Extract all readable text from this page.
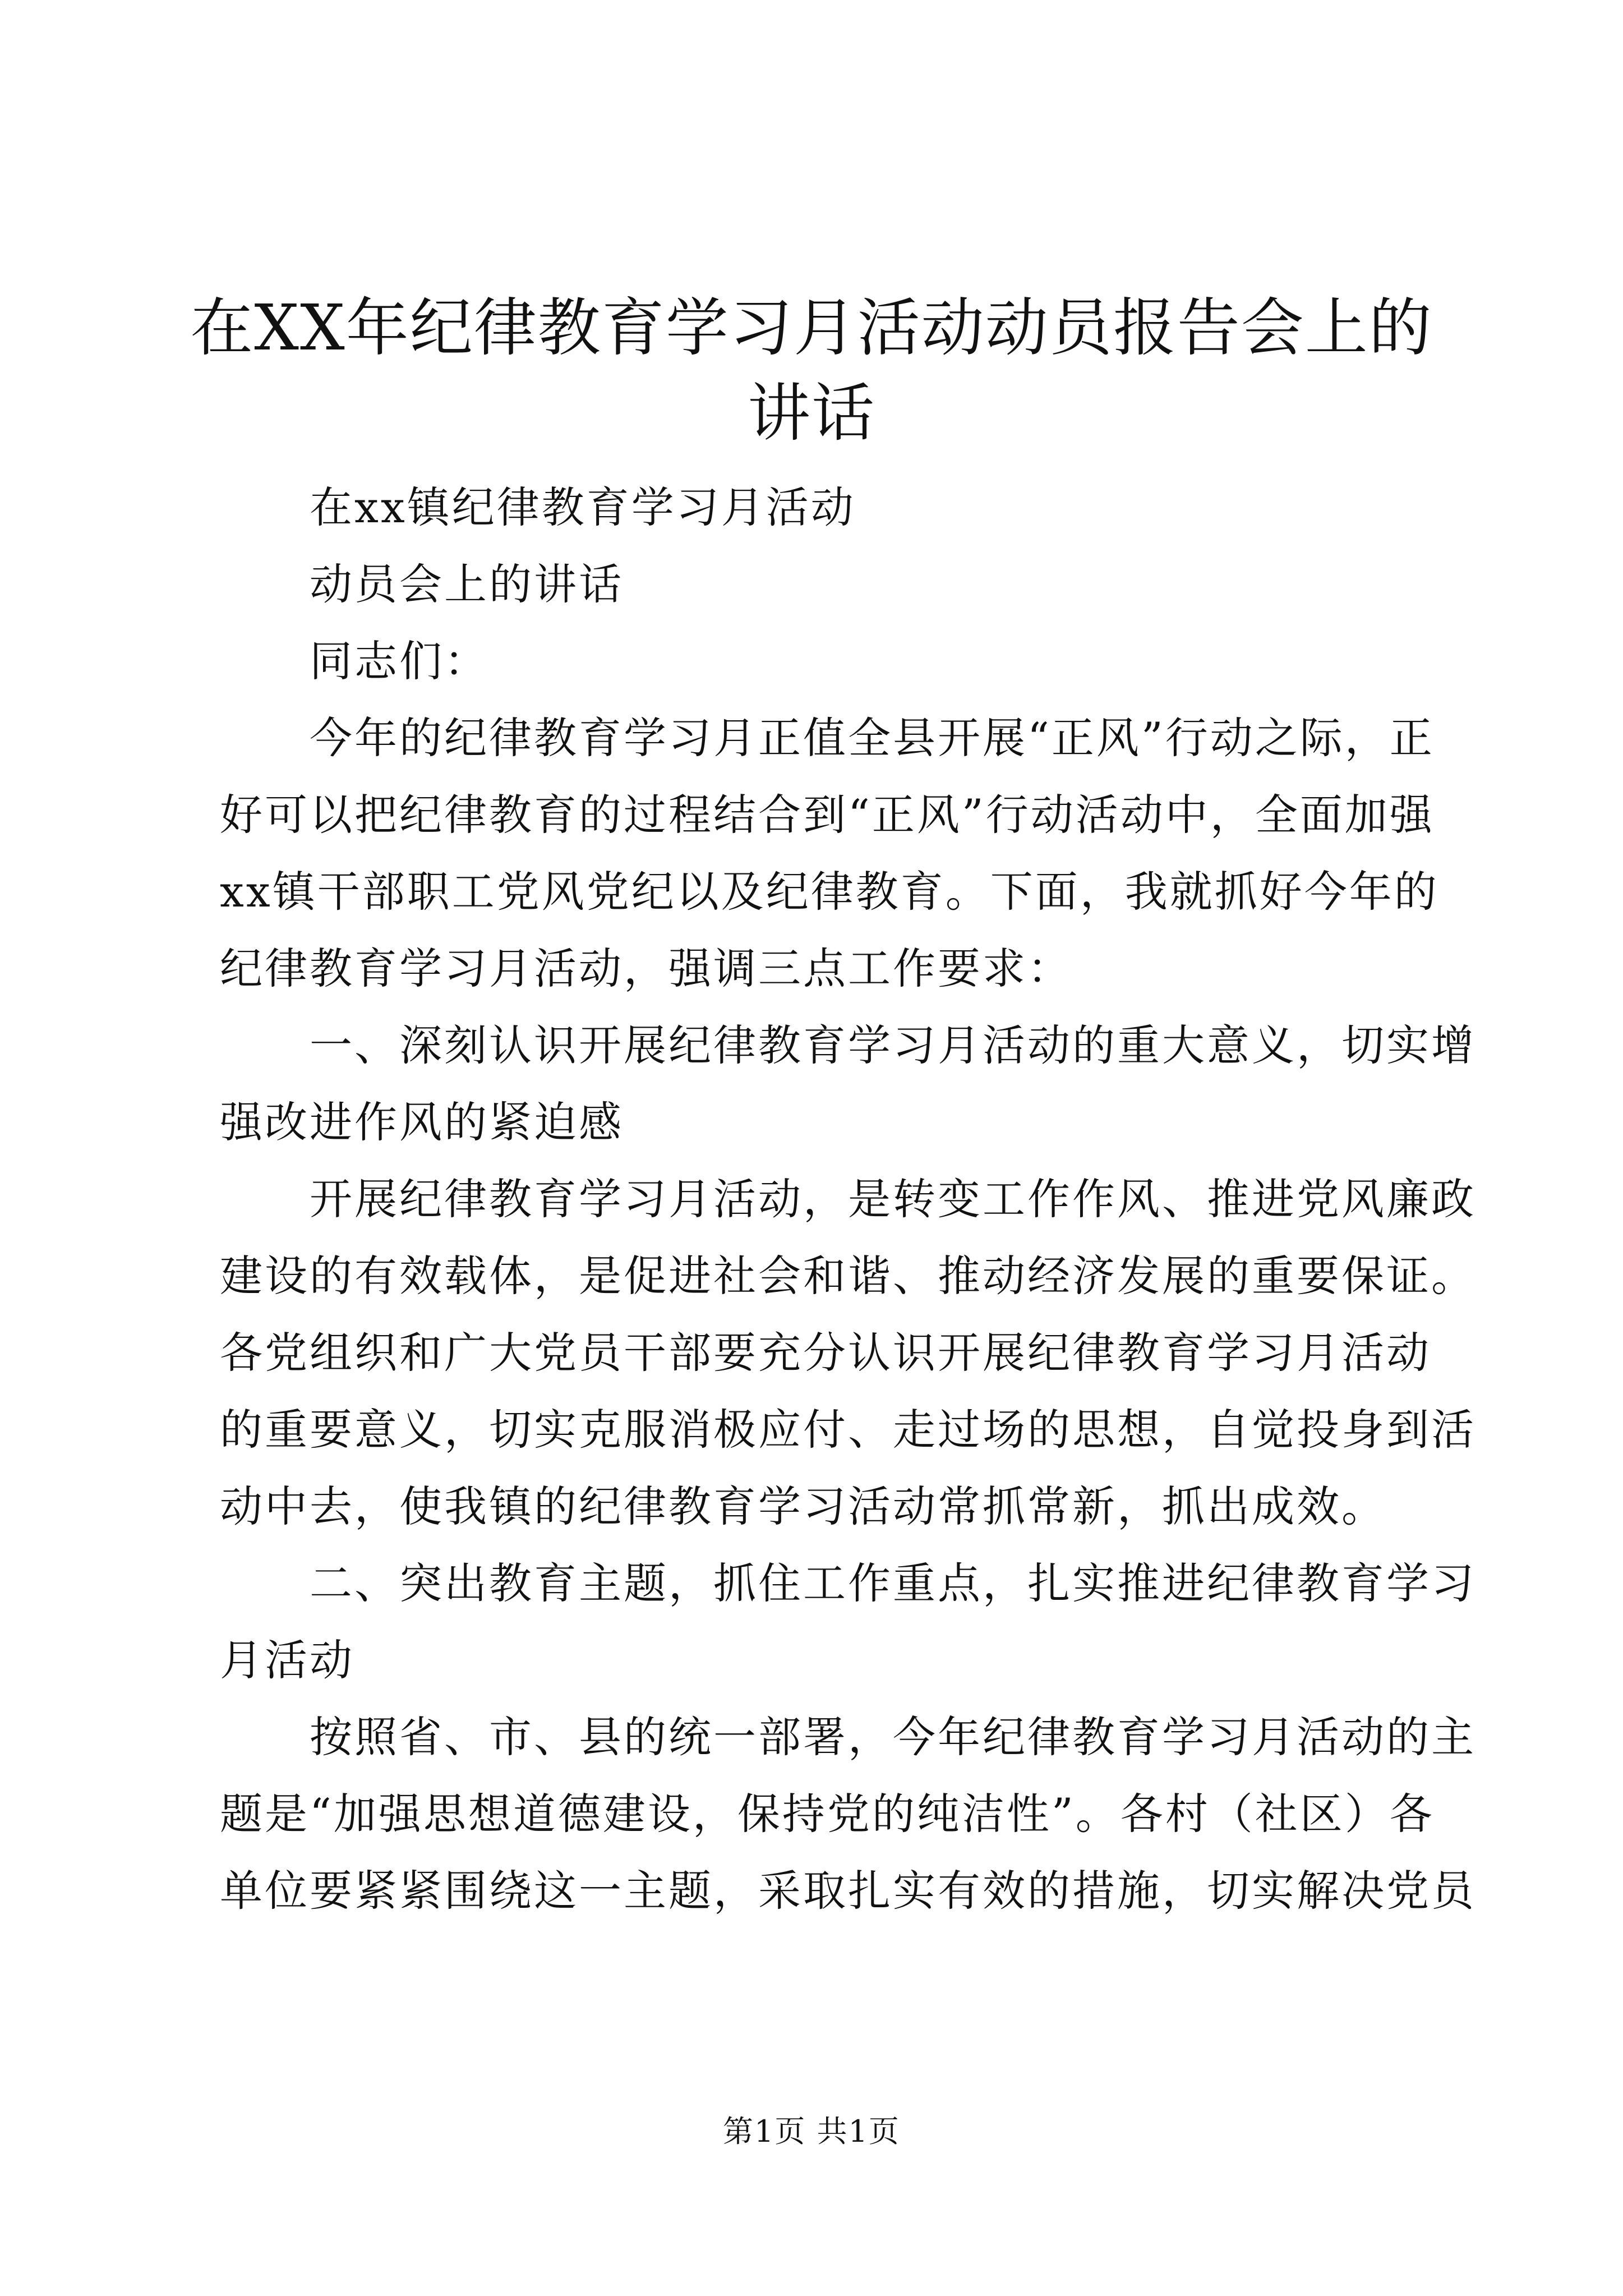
在XX年纪律教育学习月活动动员报告会上的
讲话
在xx镇纪律教育学习月活动
动员会上的讲话
同志们：
今年的纪律教育学习月正值全县开展“正风”行动之际，正
好可以把纪律教育的过程结合到“正风”行动活动中，全面加强
xx镇干部职工党风党纪以及纪律教育。下面，我就抓好今年的
纪律教育学习月活动，强调三点工作要求：
一、深刻认识开展纪律教育学习月活动的重大意义，切实增
强改进作风的紧迫感
开展纪律教育学习月活动，是转变工作作风、推进党风廉政
建设的有效载体，是促进社会和谐、推动经济发展的重要保证。
各党组织和广大党员干部要充分认识开展纪律教育学习月活动
的重要意义，切实克服消极应付、走过场的思想，自觉投身到活
动中去，使我镇的纪律教育学习活动常抓常新，抓出成效。
二、突出教育主题，抓住工作重点，扎实推进纪律教育学习
月活动
按照省、市、县的统一部署，今年纪律教育学习月活动的主
题是“加强思想道德建设，保持党的纯洁性”。各村（社区）各
单位要紧紧围绕这一主题，采取扎实有效的措施，切实解决党员
第1页 共1页
